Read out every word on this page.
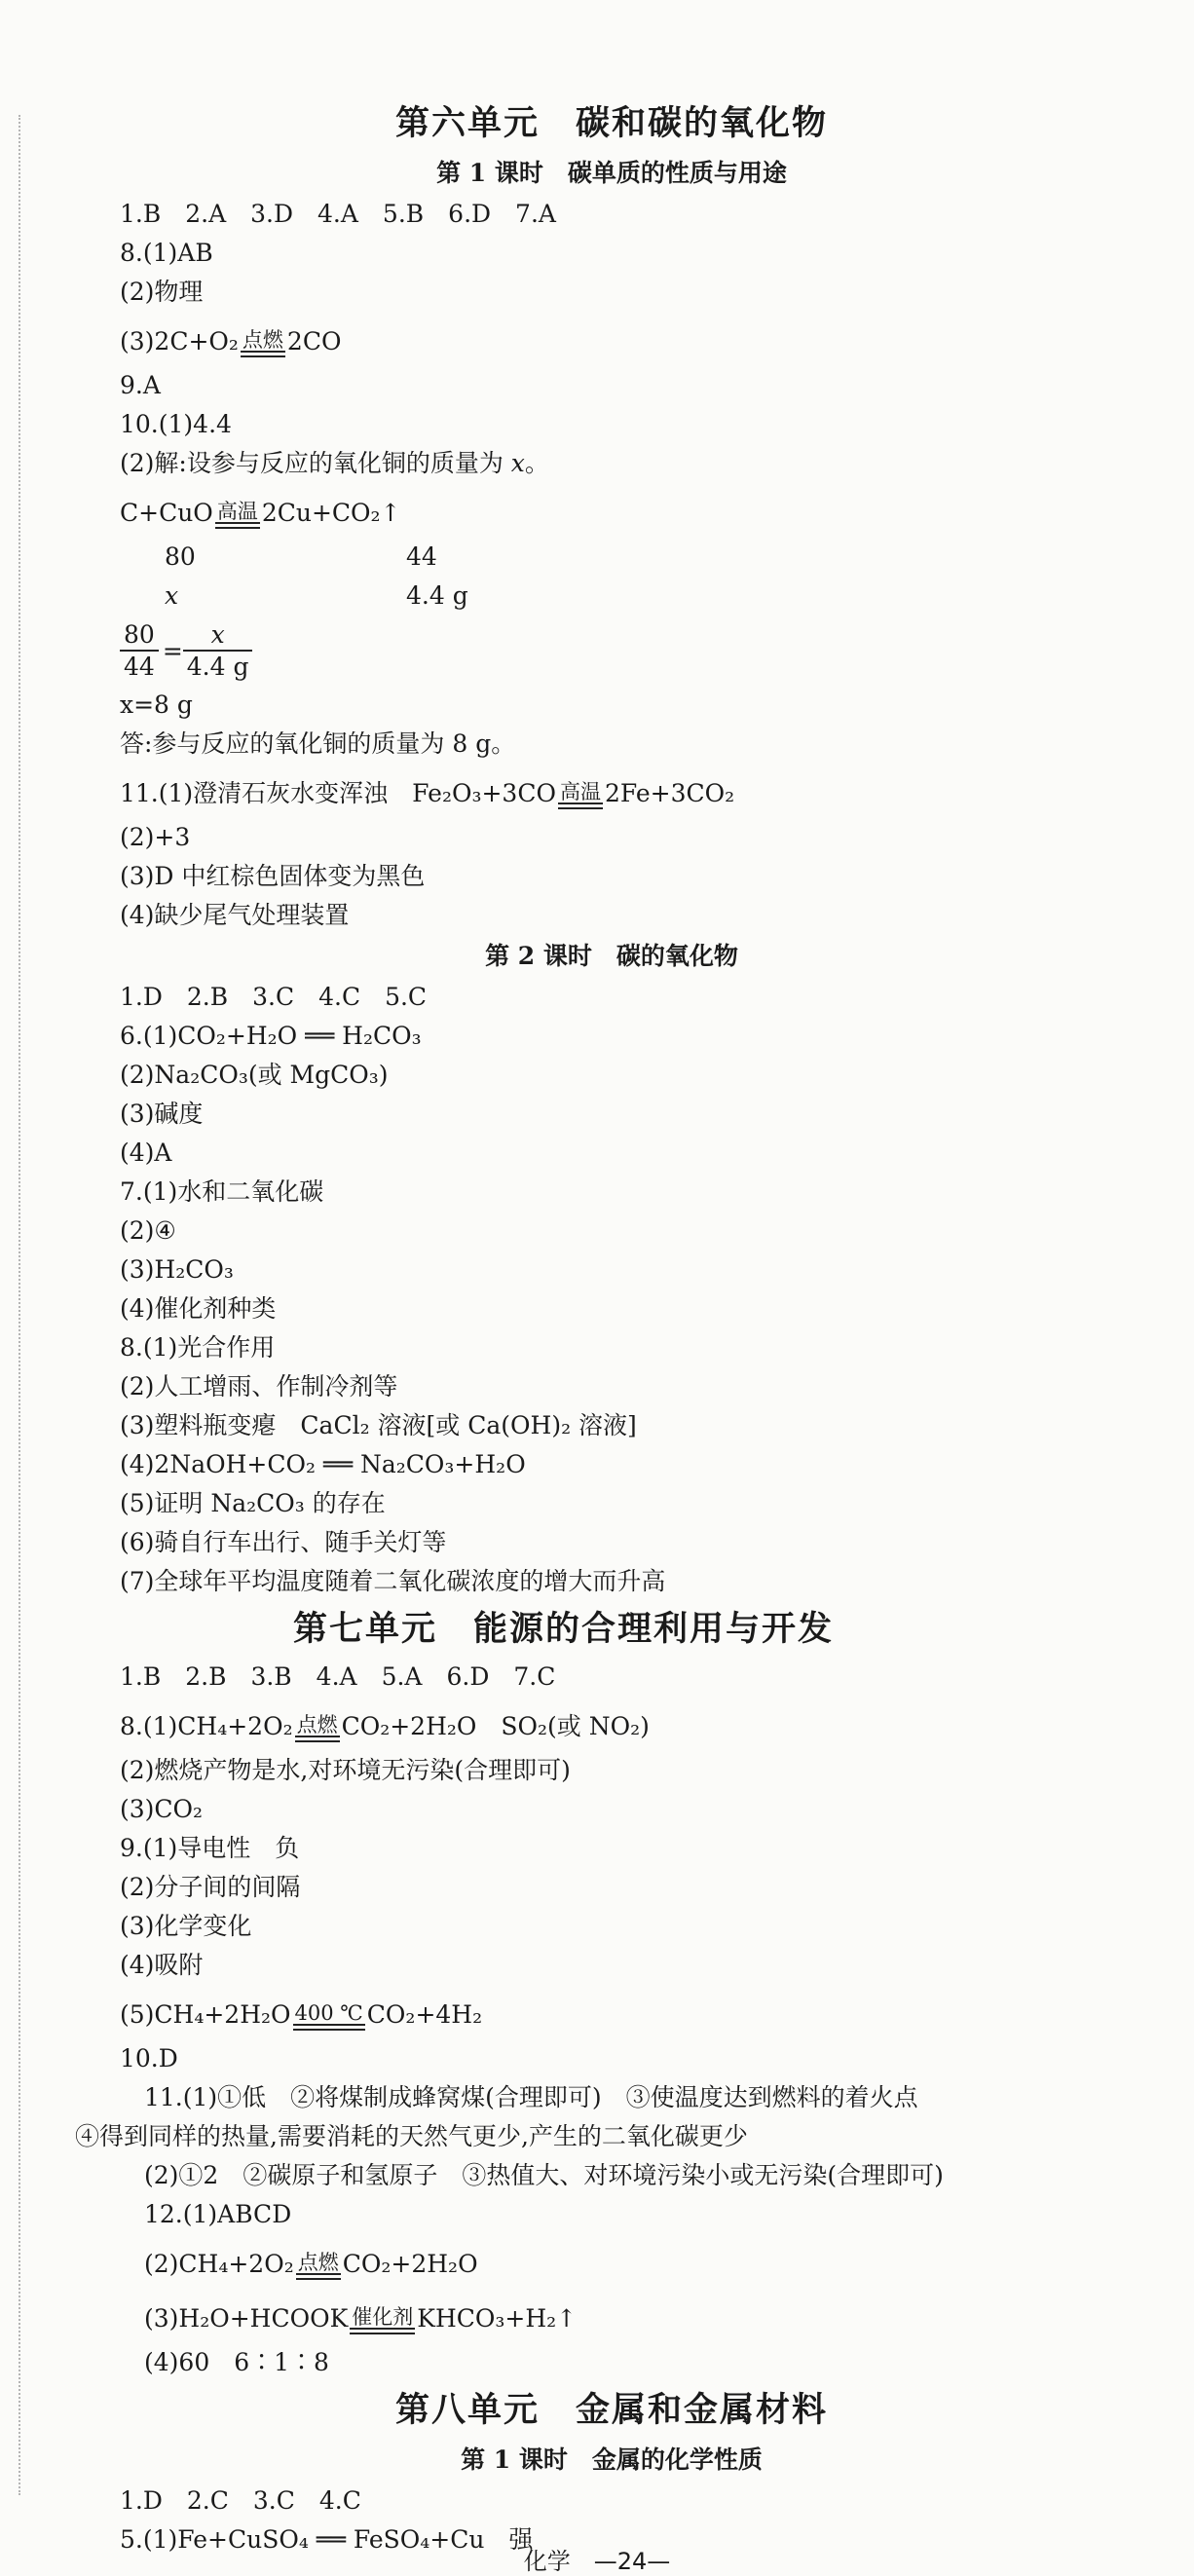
第六单元　碳和碳的氧化物
第 1 课时　碳单质的性质与用途
1.B　2.A　3.D　4.A　5.B　6.D　7.A
8.(1)AB
(2)物理
(3)2C+O₂ 点燃 2CO
9.A
10.(1)4.4
(2)解:设参与反应的氧化铜的质量为 𝑥。
C+CuO 高温 2Cu+CO₂↑
80	44
x	4.4 g
$\frac{80}{44} = \frac{x}{4.4 g}$
x=8 g
答:参与反应的氧化铜的质量为 8 g。
11.(1)澄清石灰水变浑浊　Fe₂O₃+3CO 高温 2Fe+3CO₂
(2)+3
(3)D 中红棕色固体变为黑色
(4)缺少尾气处理装置
第 2 课时　碳的氧化物
1.D　2.B　3.C　4.C　5.C
6.(1)CO₂+H₂O ══ H₂CO₃
(2)Na₂CO₃(或 MgCO₃)
(3)碱度
(4)A
7.(1)水和二氧化碳
(2)④
(3)H₂CO₃
(4)催化剂种类
8.(1)光合作用
(2)人工增雨、作制冷剂等
(3)塑料瓶变瘪　CaCl₂ 溶液[或 Ca(OH)₂ 溶液]
(4)2NaOH+CO₂ ══ Na₂CO₃+H₂O
(5)证明 Na₂CO₃ 的存在
(6)骑自行车出行、随手关灯等
(7)全球年平均温度随着二氧化碳浓度的增大而升高
第七单元　能源的合理利用与开发
1.B　2.B　3.B　4.A　5.A　6.D　7.C
8.(1)CH₄+2O₂ 点燃 CO₂+2H₂O　SO₂(或 NO₂)
(2)燃烧产物是水,对环境无污染(合理即可)
(3)CO₂
9.(1)导电性　负
(2)分子间的间隔
(3)化学变化
(4)吸附
(5)CH₄+2H₂O 400 ℃ CO₂+4H₂
10.D
　11.(1)①低　②将煤制成蜂窝煤(合理即可)　③使温度达到燃料的着火点
④得到同样的热量,需要消耗的天然气更少,产生的二氧化碳更少
　(2)①2　②碳原子和氢原子　③热值大、对环境污染小或无污染(合理即可)
　12.(1)ABCD
　(2)CH₄+2O₂ 点燃 CO₂+2H₂O
　(3)H₂O+HCOOK 催化剂 KHCO₃+H₂↑
　(4)60　6∶1∶8
第八单元　金属和金属材料
第 1 课时　金属的化学性质
1.D　2.C　3.C　4.C
5.(1)Fe+CuSO₄ ══ FeSO₄+Cu　强
化学　—24—
